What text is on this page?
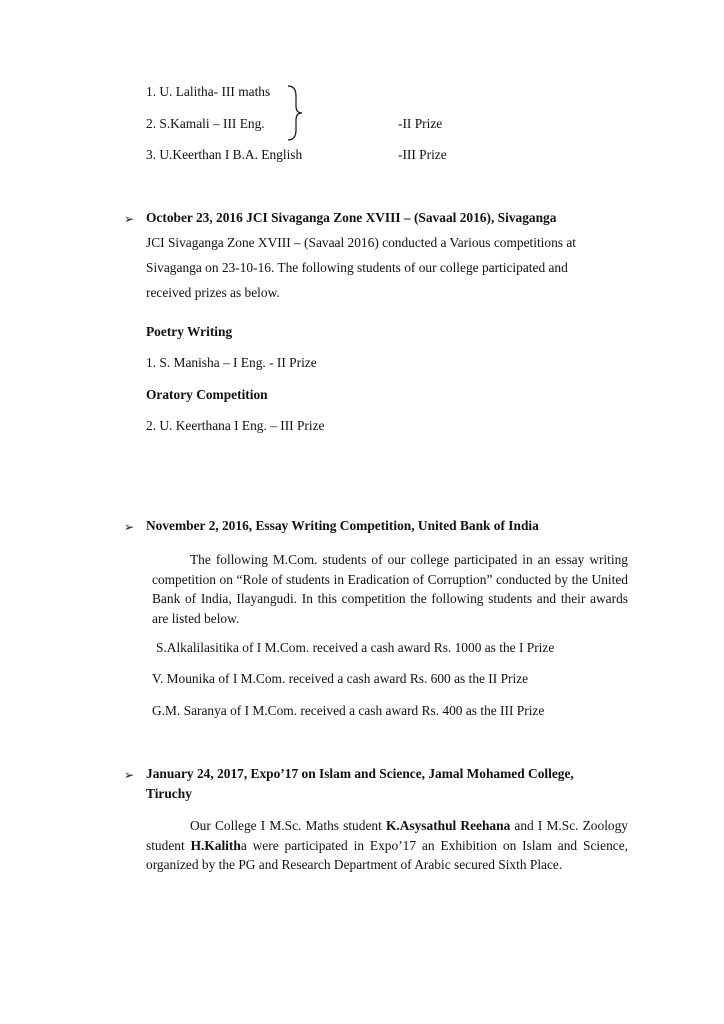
1. U. Lalitha- III maths
2. S.Kamali – III Eng.	-II Prize
3. U.Keerthan I B.A. English	-III Prize
➢ October 23, 2016 JCI Sivaganga Zone XVIII – (Savaal 2016), Sivaganga
JCI Sivaganga Zone XVIII – (Savaal 2016) conducted a Various competitions at
Sivaganga on 23-10-16. The following students of our college participated and
received prizes as below.
Poetry Writing
1. S. Manisha – I Eng. - II Prize
Oratory Competition
2. U. Keerthana I Eng. – III Prize
➢ November 2, 2016, Essay Writing Competition, United Bank of India
The following M.Com. students of our college participated in an essay writing competition on “Role of students in Eradication of Corruption” conducted by the United Bank of India, Ilayangudi. In this competition the following students and their awards are listed below.
S.Alkalilasitika of I M.Com. received a cash award Rs. 1000 as the I Prize
V. Mounika of I M.Com. received a cash award Rs. 600 as the II Prize
G.M. Saranya of I M.Com. received a cash award Rs. 400 as the III Prize
➢ January 24, 2017, Expo’17 on Islam and Science, Jamal Mohamed College,
Tiruchy
Our College I M.Sc. Maths student K.Asysathul Reehana and I M.Sc. Zoology student H.Kalitha were participated in Expo’17 an Exhibition on Islam and Science, organized by the PG and Research Department of Arabic secured Sixth Place.
